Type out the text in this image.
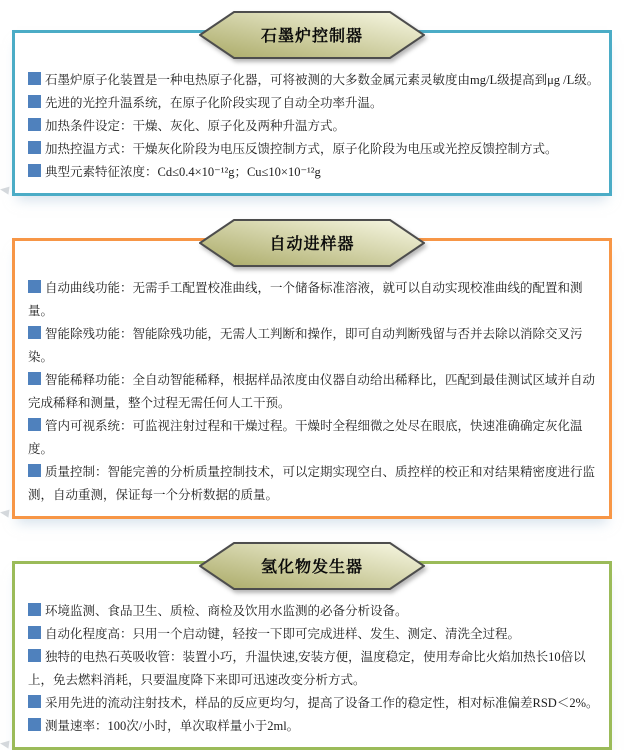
石墨炉控制器
石墨炉原子化装置是一种电热原子化器，可将被测的大多数金属元素灵敏度由mg/L级提高到μg /L级。
先进的光控升温系统，在原子化阶段实现了自动全功率升温。
加热条件设定：干燥、灰化、原子化及两种升温方式。
加热控温方式：干燥灰化阶段为电压反馈控制方式，原子化阶段为电压或光控反馈控制方式。
典型元素特征浓度：Cd≤0.4×10⁻¹²g；Cu≤10×10⁻¹²g
自动进样器
自动曲线功能：无需手工配置校准曲线，一个储备标准溶液，就可以自动实现校准曲线的配置和测量。
智能除残功能：智能除残功能，无需人工判断和操作，即可自动判断残留与否并去除以消除交叉污染。
智能稀释功能：全自动智能稀释，根据样品浓度由仪器自动给出稀释比，匹配到最佳测试区域并自动完成稀释和测量，整个过程无需任何人工干预。
管内可视系统：可监视注射过程和干燥过程。干燥时全程细微之处尽在眼底，快速准确确定灰化温度。
质量控制：智能完善的分析质量控制技术，可以定期实现空白、质控样的校正和对结果精密度进行监测，自动重测，保证每一个分析数据的质量。
氢化物发生器
环境监测、食品卫生、质检、商检及饮用水监测的必备分析设备。
自动化程度高：只用一个启动键，轻按一下即可完成进样、发生、测定、清洗全过程。
独特的电热石英吸收管：装置小巧，升温快速,安装方便，温度稳定，使用寿命比火焰加热长10倍以上，免去燃料消耗，只要温度降下来即可迅速改变分析方式。
采用先进的流动注射技术，样品的反应更均匀，提高了设备工作的稳定性，相对标准偏差RSD＜2%。
测量速率：100次/小时，单次取样量小于2ml。
